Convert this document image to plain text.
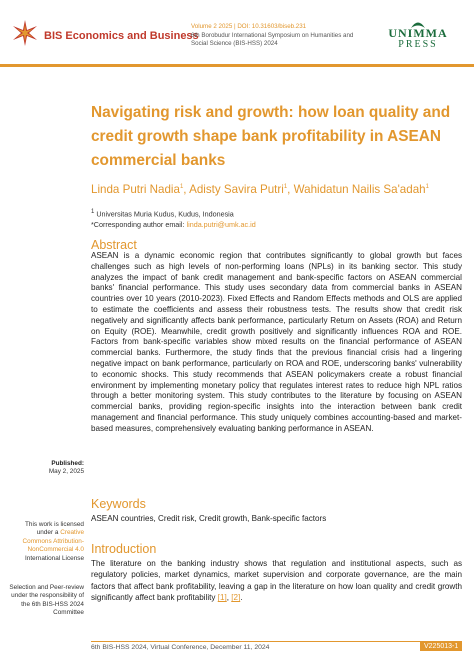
BIS Economics and Business
Volume 2 2025 | DOI: 10.31603/biseb.231
6th Borobudur International Symposium on Humanities and Social Science (BIS-HSS) 2024
UNIMMA
PRESS
Navigating risk and growth: how loan quality and credit growth shape bank profitability in ASEAN commercial banks
Linda Putri Nadia$^1$, Adisty Savira Putri$^1$, Wahidatun Nailis Sa'adah$^1$
$^1$ Universitas Muria Kudus, Kudus, Indonesia
*Corresponding author email: linda.putri@umk.ac.id
Abstract
ASEAN is a dynamic economic region that contributes significantly to global growth but faces challenges such as high levels of non-performing loans (NPLs) in its banking sector. This study analyzes the impact of bank credit management and bank-specific factors on ASEAN commercial banks' financial performance. This study uses secondary data from commercial banks in ASEAN countries over 10 years (2010-2023). Fixed Effects and Random Effects methods and OLS are applied to estimate the coefficients and assess their robustness tests. The results show that credit risk negatively and significantly affects bank performance, particularly Return on Assets (ROA) and Return on Equity (ROE). Meanwhile, credit growth positively and significantly influences ROA and ROE. Factors from bank-specific variables show mixed results on the financial performance of ASEAN commercial banks. Furthermore, the study finds that the previous financial crisis had a lingering negative impact on bank performance, particularly on ROA and ROE, underscoring banks' vulnerability to economic shocks. This study recommends that ASEAN policymakers create a robust financial environment by implementing monetary policy that regulates interest rates to reduce high NPL ratios through a better monitoring system. This study contributes to the literature by focusing on ASEAN commercial banks, providing region-specific insights into the interaction between bank credit management and financial performance. This study uniquely combines accounting-based and market-based measures, comprehensively evaluating banking performance in ASEAN.
Keywords
ASEAN countries, Credit risk, Credit growth, Bank-specific factors
Introduction
The literature on the banking industry shows that regulation and institutional aspects, such as regulatory policies, market dynamics, market supervision and corporate governance, are the main factors that affect bank profitability, leaving a gap in the literature on how loan quality and credit growth significantly affect bank profitability [1], [2].
Published:
May 2, 2025
This work is licensed under a Creative Commons Attribution-NonCommercial 4.0 International License
Selection and Peer-review under the responsibility of the 6th BIS-HSS 2024 Committee
6th BIS-HSS 2024, Virtual Conference, December 11, 2024	V225013-1
